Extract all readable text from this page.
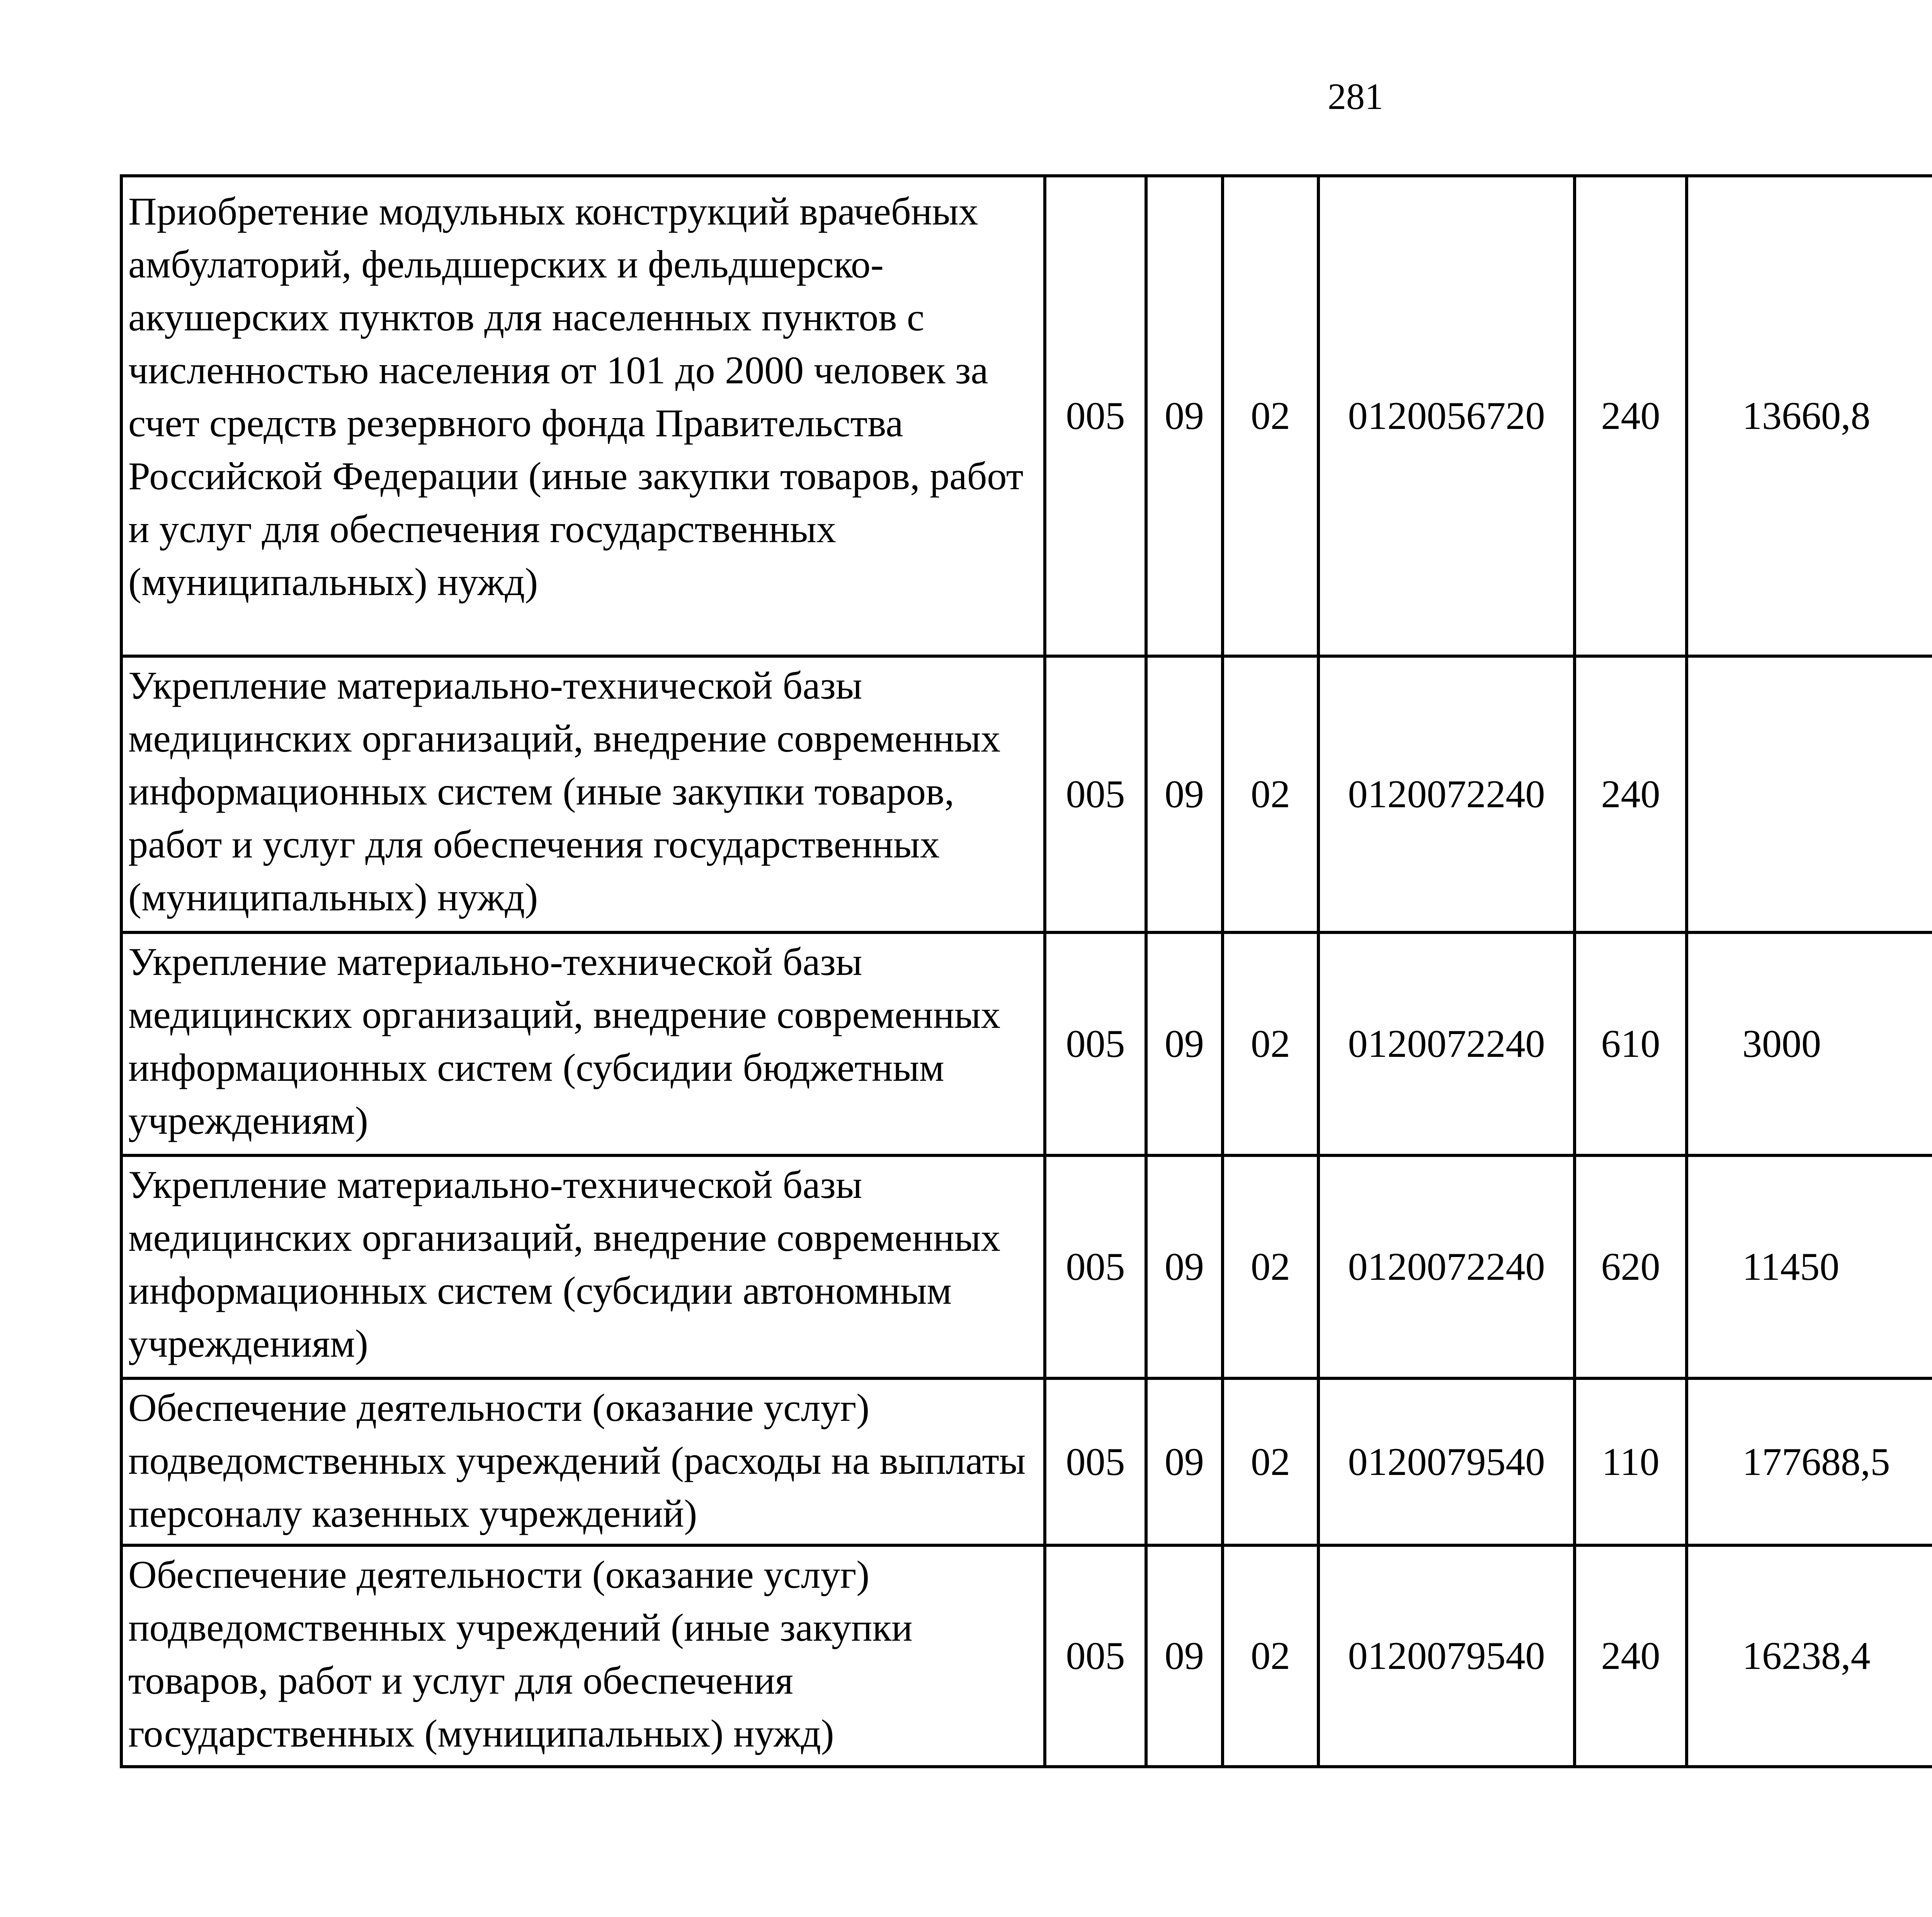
281
Приобретение модульных конструкций врачебных амбулаторий, фельдшерских и фельдшерско-акушерских пунктов для населенных пунктов с численностью населения от 101 до 2000 человек за счет средств резервного фонда Правительства Российской Федерации (иные закупки товаров, работ и услуг для обеспечения государственных (муниципальных) нужд)	005	09	02	0120056720	240	13660,8		
Укрепление материально-технической базы медицинских организаций, внедрение современных информационных систем (иные закупки товаров, работ и услуг для обеспечения государственных (муниципальных) нужд)	005	09	02	0120072240	240			
Укрепление материально-технической базы медицинских организаций, внедрение современных информационных систем (субсидии бюджетным учреждениям)	005	09	02	0120072240	610	3000		
Укрепление материально-технической базы медицинских организаций, внедрение современных информационных систем (субсидии автономным учреждениям)	005	09	02	0120072240	620	11450		
Обеспечение деятельности (оказание услуг) подведомственных учреждений (расходы на выплаты персоналу казенных учреждений)	005	09	02	0120079540	110	177688,5		
Обеспечение деятельности (оказание услуг) подведомственных учреждений (иные закупки товаров, работ и услуг для обеспечения государственных (муниципальных) нужд)	005	09	02	0120079540	240	16238,4		
